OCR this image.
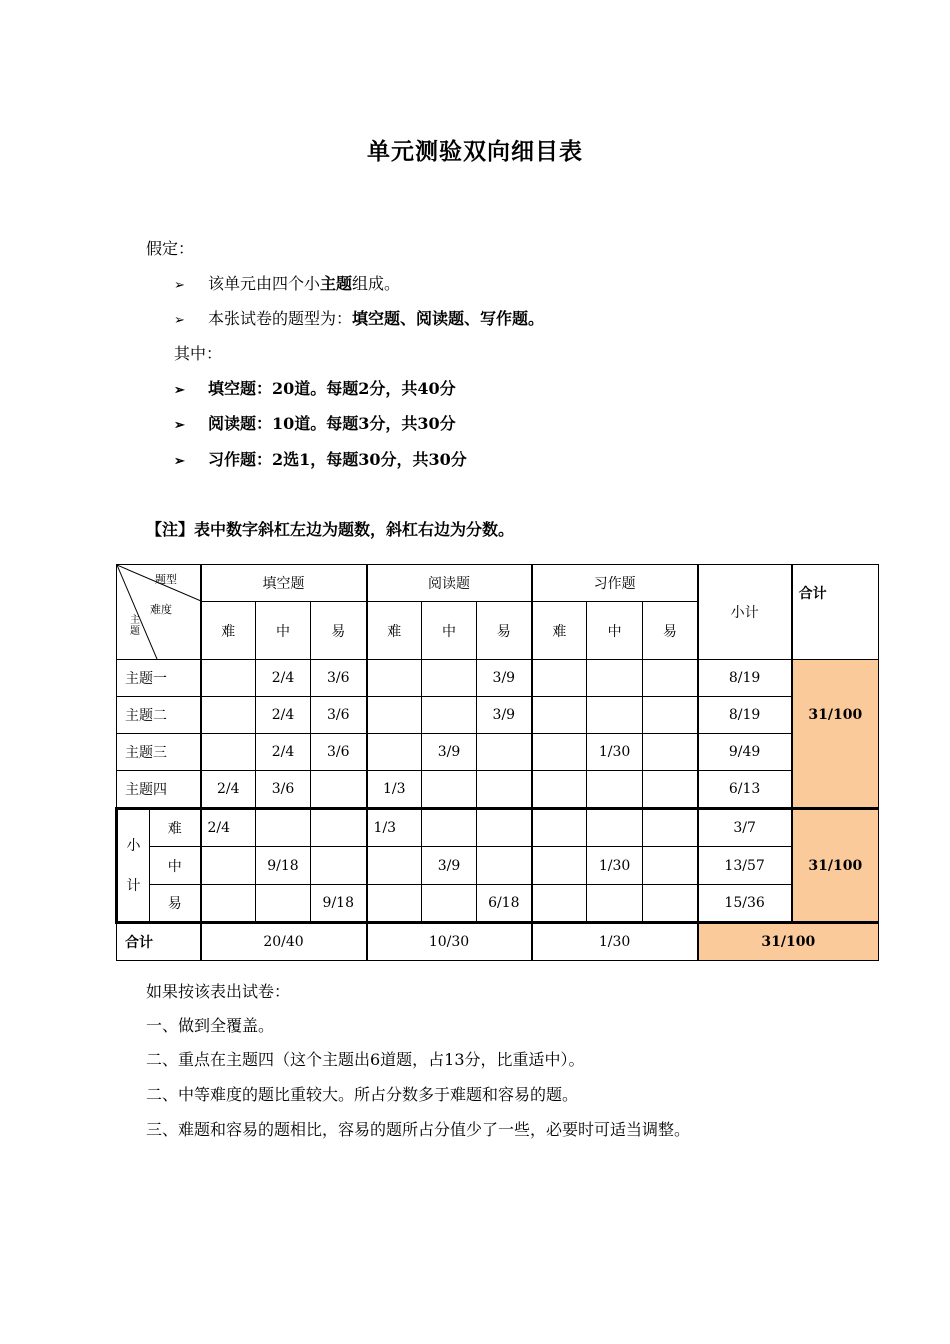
单元测验双向细目表
假定：
➢ 该单元由四个小主题组成。
➢ 本张试卷的题型为：填空题、阅读题、写作题。
其中：
➢ 填空题：20道。每题2分，共40分
➢ 阅读题：10道。每题3分，共30分
➢ 习作题：2选1，每题30分，共30分
【注】表中数字斜杠左边为题数，斜杠右边为分数。
题型
难度
主题		填空题			阅读题			习作题			小计	合计
		难	中	易	难	中	易	难	中	易		
主题一			2/4	3/6			3/9				8/19	31/100
主题二			2/4	3/6			3/9				8/19	
主题三			2/4	3/6		3/9			1/30		9/49	
主题四		2/4	3/6		1/3						6/13	
小
计	难	2/4			1/3						3/7	31/100
	中		9/18			3/9			1/30		13/57	
	易			9/18			6/18				15/36	
合计		20/40			10/30			1/30			31/100	
如果按该表出试卷：
一、做到全覆盖。
二、重点在主题四（这个主题出6道题，占13分，比重适中）。
二、中等难度的题比重较大。所占分数多于难题和容易的题。
三、难题和容易的题相比，容易的题所占分值少了一些，必要时可适当调整。
